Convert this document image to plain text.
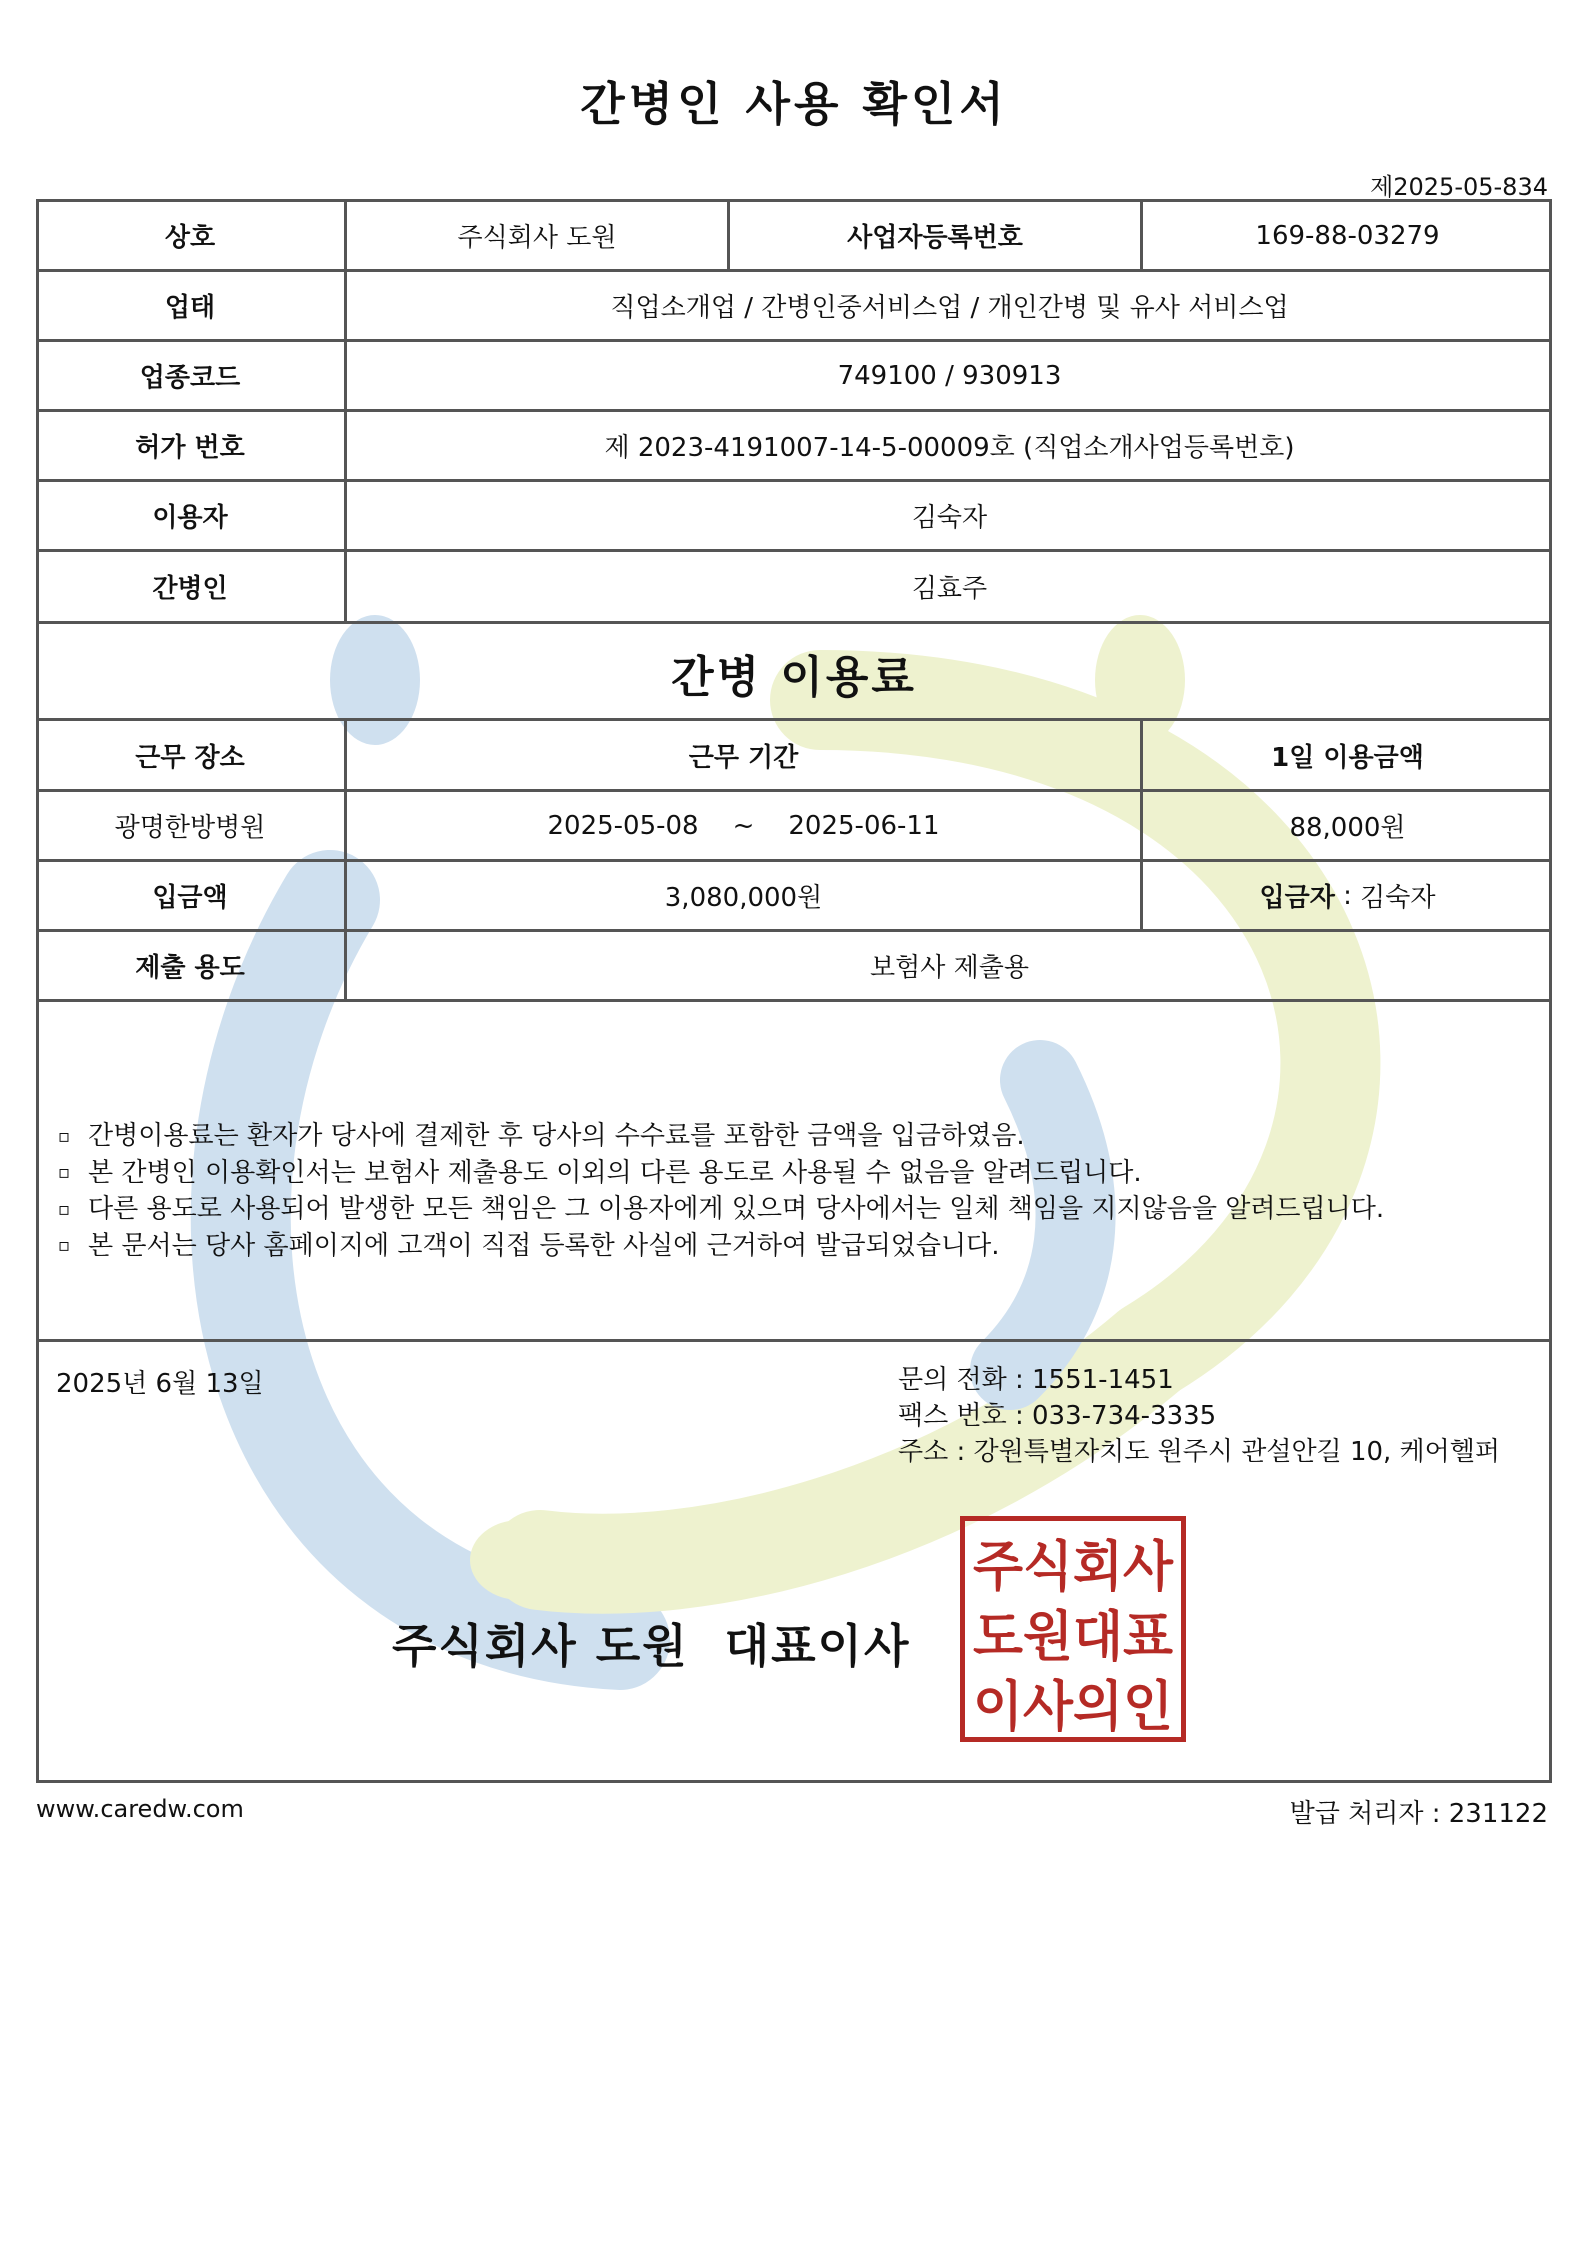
간병인 사용 확인서
제2025-05-834
상호	주식회사 도원	사업자등록번호	169-88-03279
업태	직업소개업 / 간병인중서비스업 / 개인간병 및 유사 서비스업
업종코드	749100 / 930913
허가 번호	제 2023-4191007-14-5-00009호 (직업소개사업등록번호)
이용자	김숙자
간병인	김효주
간병 이용료
근무 장소	근무 기간	1일 이용금액
광명한방병원	2025-05-08 ~ 2025-06-11	88,000원
입금액	3,080,000원	입금자 : 김숙자
제출 용도	보험사 제출용
▫ 간병이용료는 환자가 당사에 결제한 후 당사의 수수료를 포함한 금액을 입금하였음.
▫ 본 간병인 이용확인서는 보험사 제출용도 이외의 다른 용도로 사용될 수 없음을 알려드립니다.
▫ 다른 용도로 사용되어 발생한 모든 책임은 그 이용자에게 있으며 당사에서는 일체 책임을 지지않음을 알려드립니다.
▫ 본 문서는 당사 홈페이지에 고객이 직접 등록한 사실에 근거하여 발급되었습니다.
2025년 6월 13일	문의 전화 : 1551-1451
팩스 번호 : 033-734-3335
주소 : 강원특별자치도 원주시 관설안길 10, 케어헬퍼
주식회사 도원  대표이사
주식회사
도원대표
이사의인
www.caredw.com	발급 처리자 : 231122
